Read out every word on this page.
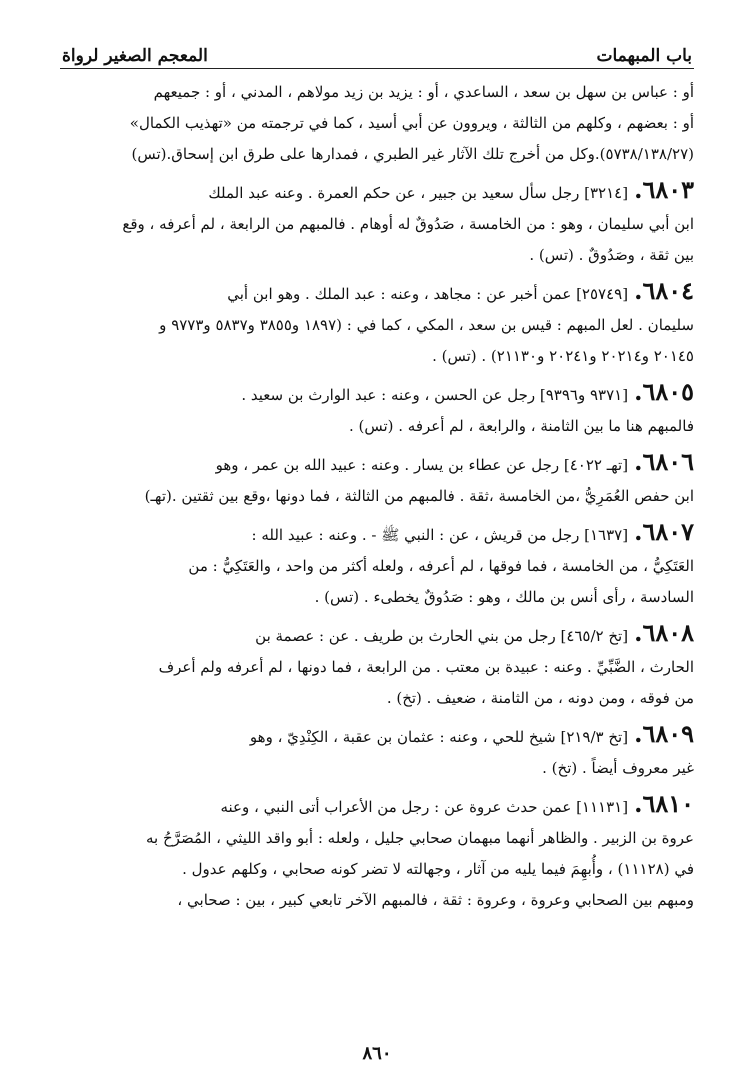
باب المبهمات
المعجم الصغير لرواة

أو : عباس بن سهل بن سعد ، الساعدي ، أو : يزيد بن زيد مولاهم ، المدني ، أو : جميعهم

أو : بعضهم ، وكلهم من الثالثة ، ويروون عن أبي أسيد ، كما في ترجمته من «تهذيب الكمال»

(٥٧٣٨/١٣٨/٢٧).وكل من أخرج تلك الآثار غير الطبري ، فمدارها على طرق ابن إسحاق.(تس)

٦٨٠٣.[٣٢١٤] رجل سأل سعيد بن جبير ، عن حكم العمرة . وعنه عبد الملك

ابن أبي سليمان ، وهو : من الخامسة ، صَدُوقٌ له أوهام . فالمبهم من الرابعة ، لم أعرفه ، وقع

بين ثقة ، وصَدُوقٌ . (تس) .

٦٨٠٤.[٢٥٧٤٩] عمن أخبر عن : مجاهد ، وعنه : عبد الملك . وهو ابن أبي

سليمان . لعل المبهم : قيس بن سعد ، المكي ، كما في : (١٨٩٧ و٣٨٥٥ و٥٨٣٧ و٩٧٧٣ و

٢٠١٤٥ و٢٠٢١٤ و٢٠٢٤١ و٢١١٣٠) . (تس) .

٦٨٠٥.[٩٣٧١ و٩٣٩٦] رجل عن الحسن ، وعنه : عبد الوارث بن سعيد .

فالمبهم هنا ما بين الثامنة ، والرابعة ، لم أعرفه . (تس) .

٦٨٠٦.[تهـ ٤٠٢٢] رجل عن عطاء بن يسار . وعنه : عبيد الله بن عمر ، وهو

ابن حفص العُمَرِيُّ ،من الخامسة ،ثقة . فالمبهم من الثالثة ، فما دونها ،وقع بين ثقتين .(تهـ)

٦٨٠٧.[١٦٣٧] رجل من قريش ، عن : النبي ﷺ - . وعنه : عبيد الله :

العَتَكِيُّ ، من الخامسة ، فما فوقها ، لم أعرفه ، ولعله أكثر من واحد ، والعَتَكِيُّ : من

السادسة ، رأى أنس بن مالك ، وهو : صَدُوقٌ يخطىء . (تس) .

٦٨٠٨.[تخ ٤٦٥/٢] رجل من بني الحارث بن طريف . عن : عصمة بن

الحارث ، الضَّبِّيِّ . وعنه : عبيدة بن معتب . من الرابعة ، فما دونها ، لم أعرفه ولم أعرف

من فوقه ، ومن دونه ، من الثامنة ، ضعيف . (تخ) .

٦٨٠٩.[تخ ٢١٩/٣] شيخ للحي ، وعنه : عثمان بن عقبة ، الكِنْدِيّ ، وهو

غير معروف أيضاً . (تخ) .

٦٨١٠.[١١١٣١] عمن حدث عروة عن : رجل من الأعراب أتى النبي ، وعنه

عروة بن الزبير . والظاهر أنهما مبهمان صحابي جليل ، ولعله : أبو واقد الليثي ، المُصَرَّحُ به

في (١١١٢٨) ، وأُبهِمَ فيما يليه من آثار ، وجهالته لا تضر كونه صحابي ، وكلهم عدول .

ومبهم بين الصحابي وعروة ، وعروة : ثقة ، فالمبهم الآخر تابعي كبير ، بين : صحابي ،

٨٦٠
